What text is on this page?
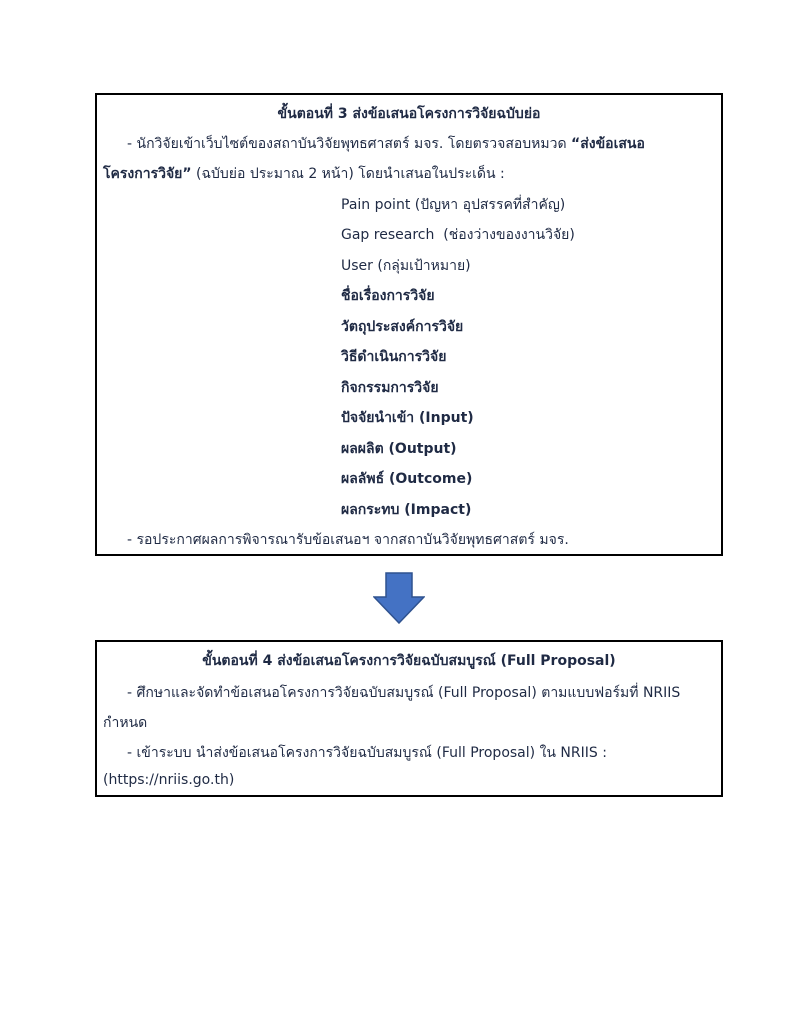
ขั้นตอนที่ 3 ส่งข้อเสนอโครงการวิจัยฉบับย่อ
- นักวิจัยเข้าเว็บไซต์ของสถาบันวิจัยพุทธศาสตร์ มจร. โดยตรวจสอบหมวด “ส่งข้อเสนอ
โครงการวิจัย” (ฉบับย่อ ประมาณ 2 หน้า) โดยนำเสนอในประเด็น :
Pain point (ปัญหา อุปสรรคที่สำคัญ)
Gap research  (ช่องว่างของงานวิจัย)
User (กลุ่มเป้าหมาย)
ชื่อเรื่องการวิจัย
วัตถุประสงค์การวิจัย
วิธีดำเนินการวิจัย
กิจกรรมการวิจัย
ปัจจัยนำเข้า (Input)
ผลผลิต (Output)
ผลลัพธ์ (Outcome)
ผลกระทบ (Impact)
- รอประกาศผลการพิจารณารับข้อเสนอฯ จากสถาบันวิจัยพุทธศาสตร์ มจร.
ขั้นตอนที่ 4 ส่งข้อเสนอโครงการวิจัยฉบับสมบูรณ์ (Full Proposal)
- ศึกษาและจัดทำข้อเสนอโครงการวิจัยฉบับสมบูรณ์ (Full Proposal) ตามแบบฟอร์มที่ NRIIS
กำหนด
- เข้าระบบ นำส่งข้อเสนอโครงการวิจัยฉบับสมบูรณ์ (Full Proposal) ใน NRIIS :
(https://nriis.go.th)
